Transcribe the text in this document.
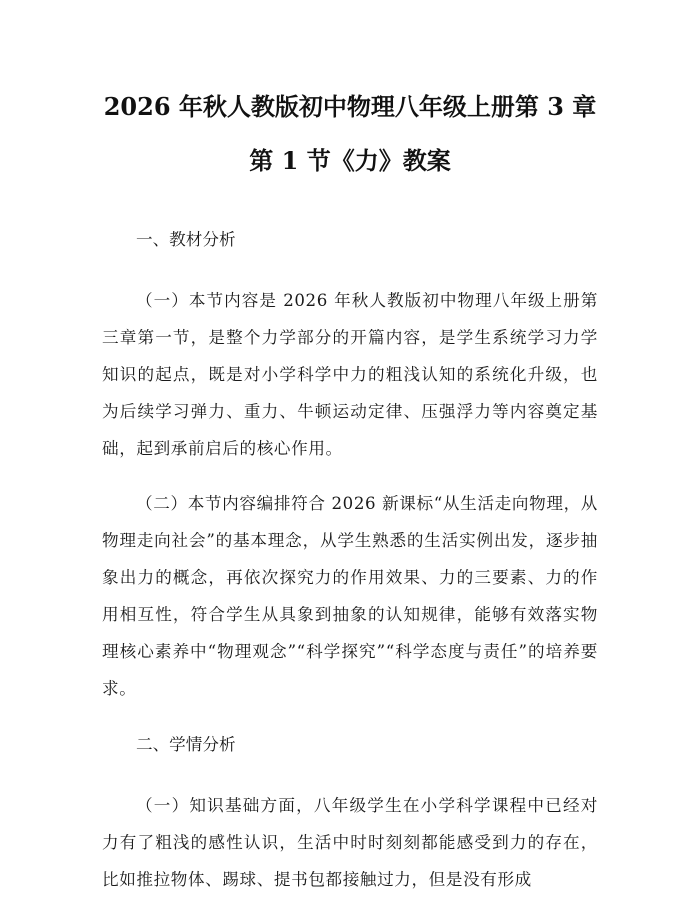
2026 年秋人教版初中物理八年级上册第 3 章
第 1 节《力》教案

一、教材分析

（一）本节内容是 2026 年秋人教版初中物理八年级上册第三章第一节，是整个力学部分的开篇内容，是学生系统学习力学知识的起点，既是对小学科学中力的粗浅认知的系统化升级，也为后续学习弹力、重力、牛顿运动定律、压强浮力等内容奠定基础，起到承前启后的核心作用。

（二）本节内容编排符合 2026 新课标“从生活走向物理，从物理走向社会”的基本理念，从学生熟悉的生活实例出发，逐步抽象出力的概念，再依次探究力的作用效果、力的三要素、力的作用相互性，符合学生从具象到抽象的认知规律，能够有效落实物理核心素养中“物理观念”“科学探究”“科学态度与责任”的培养要求。

二、学情分析

（一）知识基础方面，八年级学生在小学科学课程中已经对力有了粗浅的感性认识，生活中时时刻刻都能感受到力的存在，比如推拉物体、踢球、提书包都接触过力，但是没有形成
